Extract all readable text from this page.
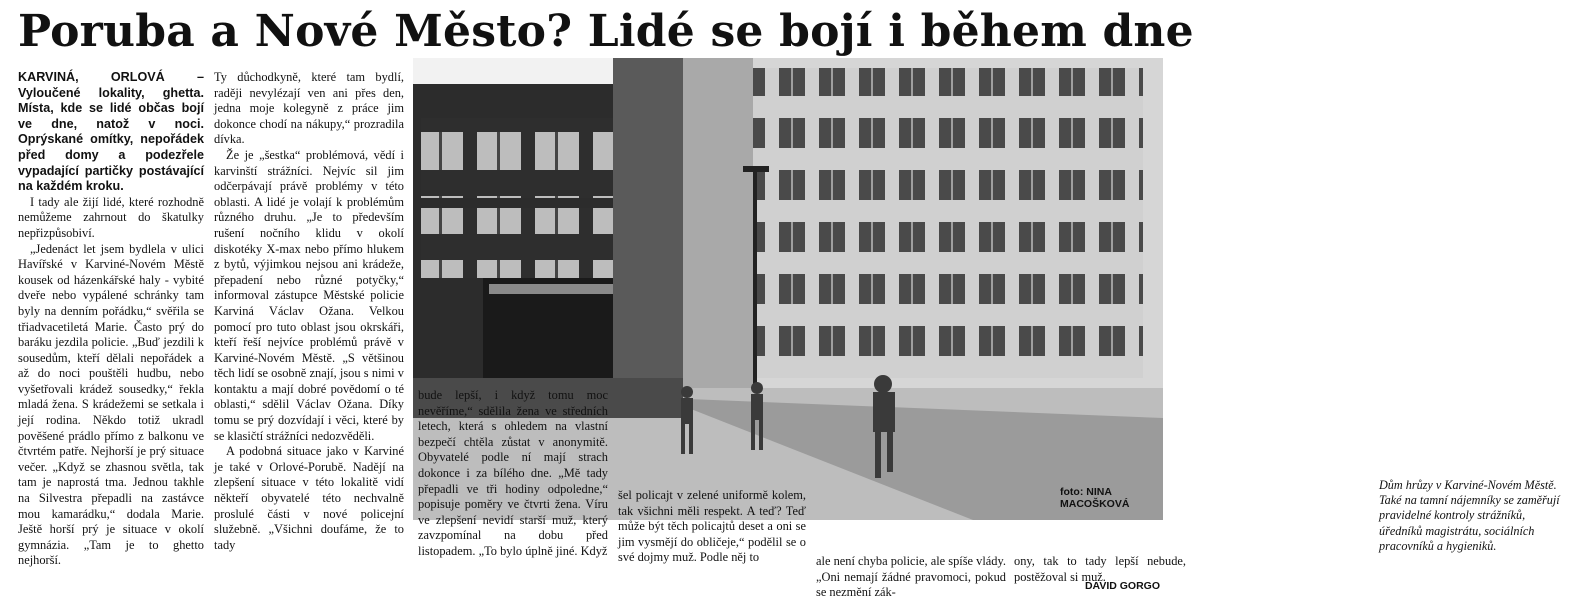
Poruba a Nové Město? Lidé se bojí i během dne

KARVINÁ, ORLOVÁ – Vyloučené lokality, ghetta. Místa, kde se lidé občas bojí ve dne, natož v noci. Oprýskané omítky, nepořádek před domy a podezřele vypadající partičky postávající na každém kroku.

I tady ale žijí lidé, které rozhodně nemůžeme zahrnout do škatulky nepřizpůsobiví.

„Jedenáct let jsem bydlela v ulici Havířské v Karviné-Novém Městě kousek od házenkářské haly - vybité dveře nebo vypálené schránky tam byly na denním pořádku,“ svěřila se třiadvacetiletá Marie. Často prý do baráku jezdila policie. „Buď jezdili k sousedům, kteří dělali nepořádek a až do noci pouštěli hudbu, nebo vyšetřovali krádež sousedky,“ řekla mladá žena. S krádežemi se setkala i její rodina. Někdo totiž ukradl pověšené prádlo přímo z balkonu ve čtvrtém patře. Nejhorší je prý situace večer. „Když se zhasnou světla, tak tam je naprostá tma. Jednou takhle na Silvestra přepadli na zastávce mou kamarádku,“ dodala Marie. Ještě horší prý je situace v okolí gymnázia. „Tam je to ghetto nejhorší.

Ty důchodkyně, které tam bydlí, raději nevylézají ven ani přes den, jedna moje kolegyně z práce jim dokonce chodí na nákupy,“ prozradila dívka.

Že je „šestka“ problémová, vědí i karvinští strážníci. Nejvíc sil jim odčerpávají právě problémy v této oblasti. A lidé je volají k problémům různého druhu. „Je to především rušení nočního klidu v okolí diskotéky X-max nebo přímo hlukem z bytů, výjimkou nejsou ani krádeže, přepadení nebo různé potyčky,“ informoval zástupce Městské policie Karviná Václav Ožana. Velkou pomocí pro tuto oblast jsou okrskáři, kteří řeší nejvíce problémů právě v Karviné-Novém Městě. „S většinou těch lidí se osobně znají, jsou s nimi v kontaktu a mají dobré povědomí o té oblasti,“ sdělil Václav Ožana. Díky tomu se prý dozvídají i věci, které by se klasičtí strážníci nedozvěděli.

A podobná situace jako v Karviné je také v Orlové-Porubě. Nadějí na zlepšení situace v této lokalitě vidí někteří obyvatelé této nechvalně proslulé části v nové policejní služebně. „Všichni doufáme, že to tady

Dům hrůzy v Karviné-Novém Městě. Také na tamní nájemníky se zaměřují pravidelné kontroly strážníků, úředníků magistrátu, sociálních pracovníků a hygieniků.
foto: NINA MACOŠKOVÁ

bude lepší, i když tomu moc nevěříme,“ sdělila žena ve středních letech, která s ohledem na vlastní bezpečí chtěla zůstat v anonymitě. Obyvatelé podle ní mají strach dokonce i za bílého dne. „Mě tady přepadli ve tři hodiny odpoledne,“ popisuje poměry ve čtvrti žena. Víru ve zlepšení nevidí starší muž, který zavzpomínal na dobu před listopadem. „To bylo úplně jiné. Když

šel policajt v zelené uniformě kolem, tak všichni měli respekt. A teď? Teď může být těch policajtů deset a oni se jim vysmějí do obličeje,“ podělil se o své dojmy muž. Podle něj to	ale není chyba policie, ale spíše vlády. „Oni nemají žádné pravomoci, pokud se nezmění zák-

ony, tak to tady lepší nebude, postěžoval si muž.

DAVID GORGO
